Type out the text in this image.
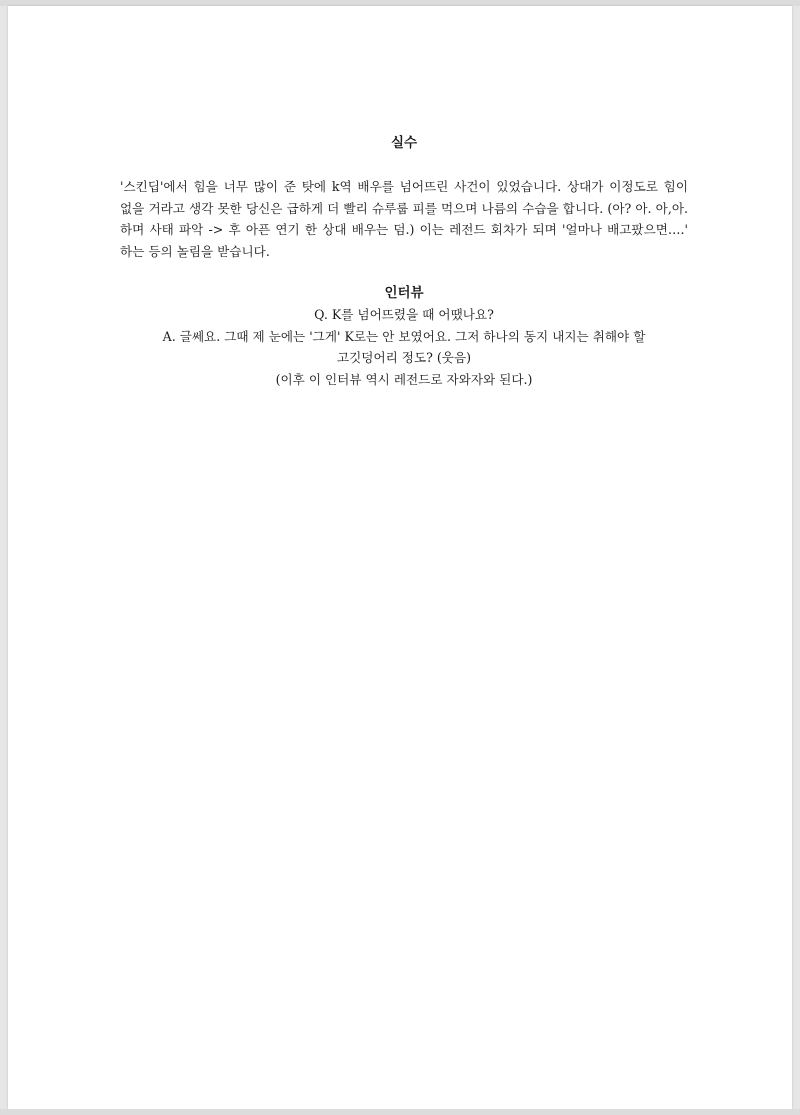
실수

'스킨딥'에서 힘을 너무 많이 준 탓에 k역 배우를 넘어뜨린 사건이 있었습니다. 상대가 이정도로 힘이 없을 거라고 생각 못한 당신은 급하게 더 빨리 슈루룹 피를 먹으며 나름의 수습을 합니다. (아? 아. 아,아. 하며 사태 파악 -> 후 아픈 연기 한 상대 배우는 덤.) 이는 레전드 회차가 되며 '얼마나 배고팠으면….' 하는 등의 놀림을 받습니다.

인터뷰

Q. K를 넘어뜨렸을 때 어땠나요?

A. 글쎄요. 그때 제 눈에는 '그게' K로는 안 보였어요. 그저 하나의 동지 내지는 취해야 할

고깃덩어리 정도? (웃음)

(이후 이 인터뷰 역시 레전드로 자와자와 된다.)
